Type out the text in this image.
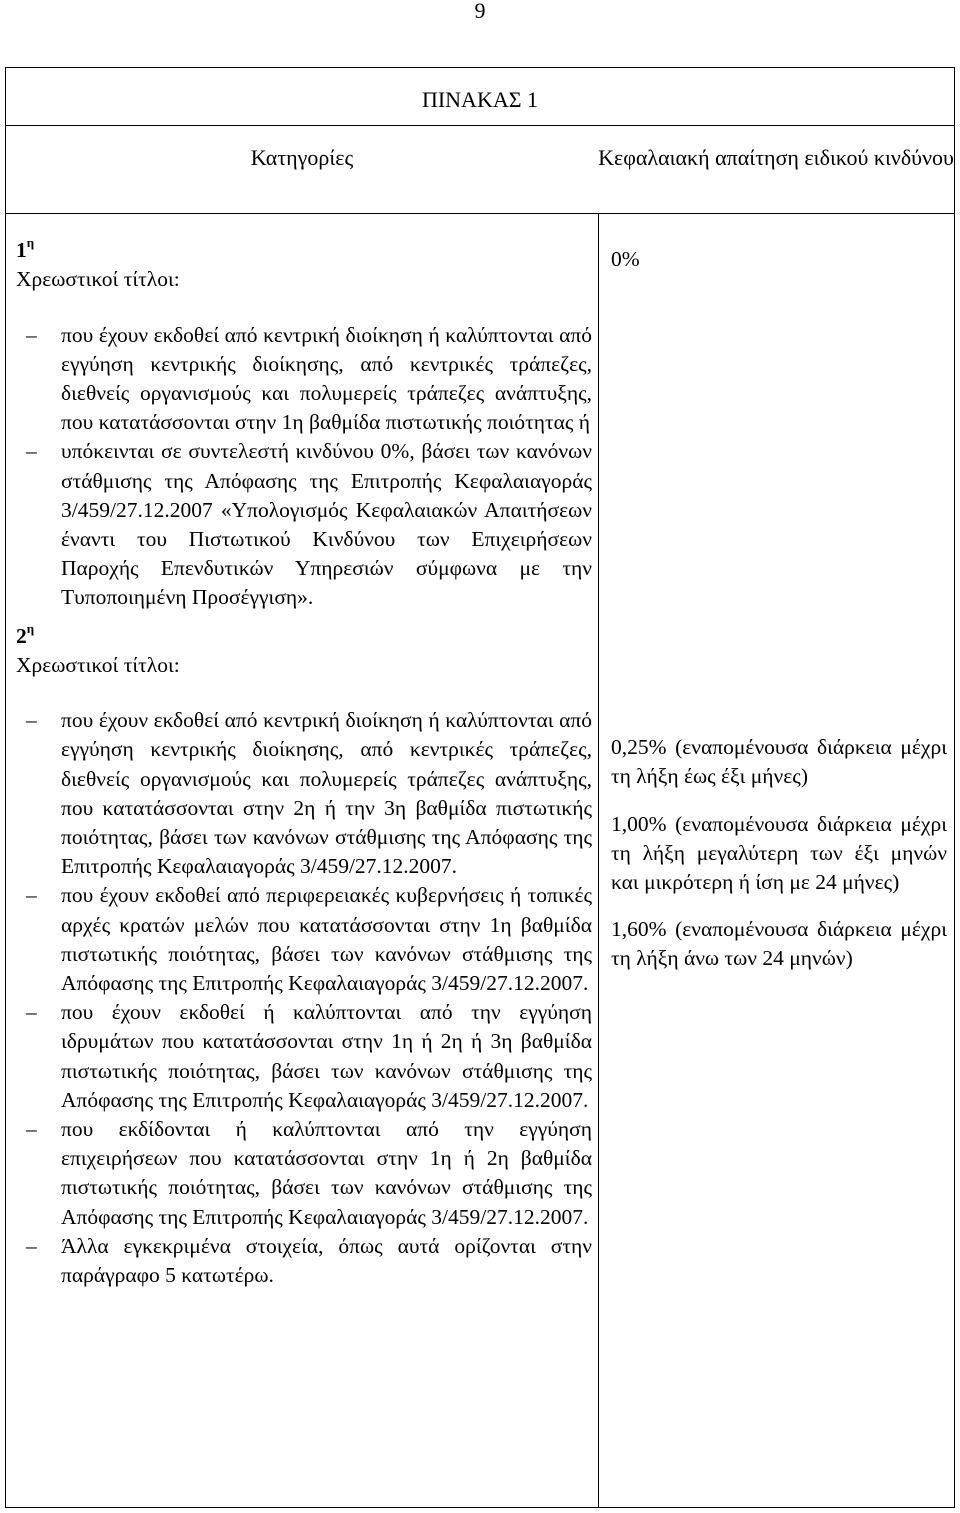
9
ΠΙΝΑΚΑΣ 1
Κατηγορίες	Κεφαλαιακή απαίτηση ειδικού κινδύνου

$1^\eta$

Χρεωστικοί τίτλοι:

– που έχουν εκδοθεί από κεντρική διοίκηση ή καλύπτονται από εγγύηση κεντρικής διοίκησης, από κεντρικές τράπεζες, διεθνείς οργανισμούς και πολυμερείς τράπεζες ανάπτυξης, που κατατάσσονται στην 1η βαθμίδα πιστωτικής ποιότητας ή
– υπόκεινται σε συντελεστή κινδύνου 0%, βάσει των κανόνων στάθμισης της Απόφασης της Επιτροπής Κεφαλαιαγοράς 3/459/27.12.2007 «Υπολογισμός Κεφαλαιακών Απαιτήσεων έναντι του Πιστωτικού Κινδύνου των Επιχειρήσεων Παροχής Επενδυτικών Υπηρεσιών σύμφωνα με την Τυποποιημένη Προσέγγιση».

$2^\eta$

Χρεωστικοί τίτλοι:

– που έχουν εκδοθεί από κεντρική διοίκηση ή καλύπτονται από εγγύηση κεντρικής διοίκησης, από κεντρικές τράπεζες, διεθνείς οργανισμούς και πολυμερείς τράπεζες ανάπτυξης, που κατατάσσονται στην 2η ή την 3η βαθμίδα πιστωτικής ποιότητας, βάσει των κανόνων στάθμισης της Απόφασης της Επιτροπής Κεφαλαιαγοράς 3/459/27.12.2007.
– που έχουν εκδοθεί από περιφερειακές κυβερνήσεις ή τοπικές αρχές κρατών μελών που κατατάσσονται στην 1η βαθμίδα πιστωτικής ποιότητας, βάσει των κανόνων στάθμισης της Απόφασης της Επιτροπής Κεφαλαιαγοράς 3/459/27.12.2007.
– που έχουν εκδοθεί ή καλύπτονται από την εγγύηση ιδρυμάτων που κατατάσσονται στην 1η ή 2η ή 3η βαθμίδα πιστωτικής ποιότητας, βάσει των κανόνων στάθμισης της Απόφασης της Επιτροπής Κεφαλαιαγοράς 3/459/27.12.2007.
– που εκδίδονται ή καλύπτονται από την εγγύηση επιχειρήσεων που κατατάσσονται στην 1η ή 2η βαθμίδα πιστωτικής ποιότητας, βάσει των κανόνων στάθμισης της Απόφασης της Επιτροπής Κεφαλαιαγοράς 3/459/27.12.2007.
– Άλλα εγκεκριμένα στοιχεία, όπως αυτά ορίζονται στην παράγραφο 5 κατωτέρω.

0%

0,25% (εναπομένουσα διάρκεια μέχρι τη λήξη έως έξι μήνες)

1,00% (εναπομένουσα διάρκεια μέχρι τη λήξη μεγαλύτερη των έξι μηνών και μικρότερη ή ίση με 24 μήνες)

1,60% (εναπομένουσα διάρκεια μέχρι τη λήξη άνω των 24 μηνών)
